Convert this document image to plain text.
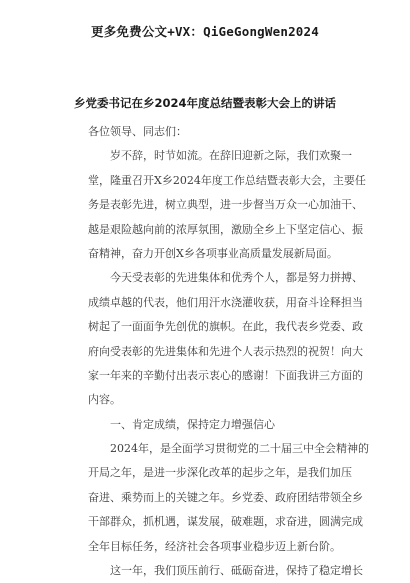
更多免费公文+VX：QiGeGongWen2024
乡党委书记在乡2024年度总结暨表彰大会上的讲话
各位领导、同志们：
岁不辞，时节如流。在辞旧迎新之际，我们欢聚一
堂，隆重召开X乡2024年度工作总结暨表彰大会，主要任
务是表彰先进，树立典型，进一步督当万众一心加油干、
越是艰险越向前的浓厚氛围，激励全乡上下坚定信心、振
奋精神，奋力开创X乡各项事业高质量发展新局面。
今天受表彰的先进集体和优秀个人，都是努力拼搏、
成绩卓越的代表，他们用汗水浇灌收获，用奋斗诠释担当
树起了一面面争先创优的旗帜。在此，我代表乡党委、政
府向受表彰的先进集体和先进个人表示热烈的祝贺！向大
家一年来的辛勤付出表示衷心的感谢！下面我讲三方面的
内容。
一、肯定成绩，保持定力增强信心
2024年，是全面学习贯彻党的二十届三中全会精神的
开局之年，是进一步深化改革的起步之年，是我们加压
奋进、乘势而上的关键之年。乡党委、政府团结带领全乡
干部群众，抓机遇，谋发展，破难题，求奋进，圆满完成
全年目标任务，经济社会各项事业稳步迈上新台阶。
这一年，我们顶压前行、砥砺奋进，保持了稳定增长
